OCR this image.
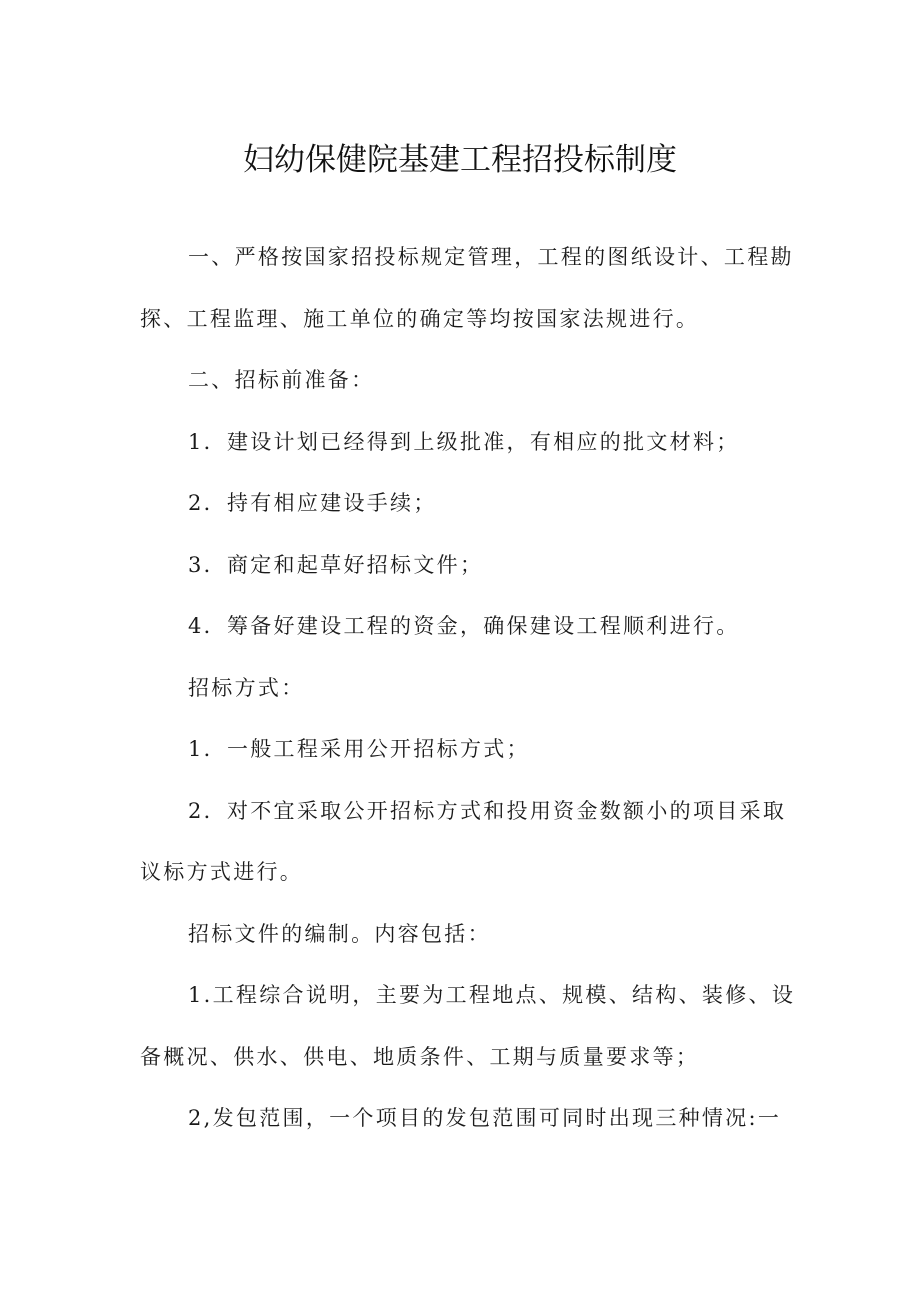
妇幼保健院基建工程招投标制度
一、严格按国家招投标规定管理，工程的图纸设计、工程勘
探、工程监理、施工单位的确定等均按国家法规进行。
二、招标前准备：
1．建设计划已经得到上级批准，有相应的批文材料；
2．持有相应建设手续；
3．商定和起草好招标文件；
4．筹备好建设工程的资金，确保建设工程顺利进行。
招标方式：
1．一般工程采用公开招标方式；
2．对不宜采取公开招标方式和投用资金数额小的项目采取
议标方式进行。
招标文件的编制。内容包括：
1.工程综合说明，主要为工程地点、规模、结构、装修、设
备概况、供水、供电、地质条件、工期与质量要求等；
2,发包范围，一个项目的发包范围可同时出现三种情况:一
